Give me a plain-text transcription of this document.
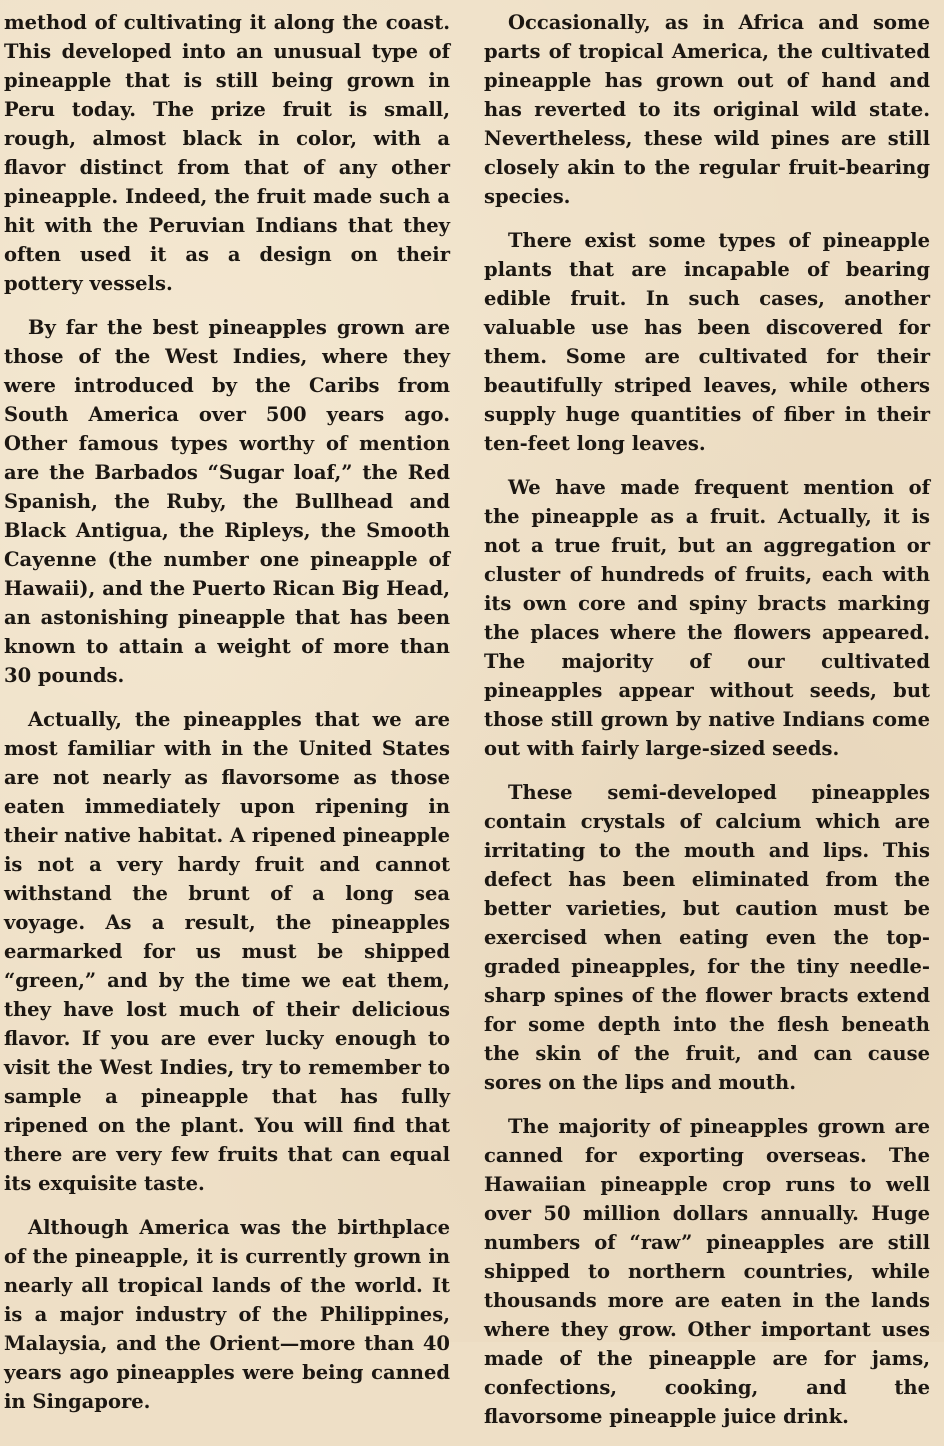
method of cultivating it along the coast. This developed into an unusual type of pineapple that is still being grown in Peru today. The prize fruit is small, rough, almost black in color, with a flavor distinct from that of any other pineapple. Indeed, the fruit made such a hit with the Peruvian Indians that they often used it as a design on their pottery vessels.

By far the best pineapples grown are those of the West Indies, where they were introduced by the Caribs from South America over 500 years ago. Other famous types worthy of mention are the Barbados “Sugar loaf,” the Red Spanish, the Ruby, the Bullhead and Black Antigua, the Ripleys, the Smooth Cayenne (the number one pineapple of Hawaii), and the Puerto Rican Big Head, an astonishing pineapple that has been known to attain a weight of more than 30 pounds.

Actually, the pineapples that we are most familiar with in the United States are not nearly as flavorsome as those eaten immediately upon ripening in their native habitat. A ripened pineapple is not a very hardy fruit and cannot withstand the brunt of a long sea voyage. As a result, the pineapples earmarked for us must be shipped “green,” and by the time we eat them, they have lost much of their delicious flavor. If you are ever lucky enough to visit the West Indies, try to remember to sample a pineapple that has fully ripened on the plant. You will find that there are very few fruits that can equal its exquisite taste.

Although America was the birthplace of the pineapple, it is currently grown in nearly all tropical lands of the world. It is a major industry of the Philippines, Malaysia, and the Orient—more than 40 years ago pineapples were being canned in Singapore.

Occasionally, as in Africa and some parts of tropical America, the cultivated pineapple has grown out of hand and has reverted to its original wild state. Nevertheless, these wild pines are still closely akin to the regular fruit-bearing species.

There exist some types of pineapple plants that are incapable of bearing edible fruit. In such cases, another valuable use has been discovered for them. Some are cultivated for their beautifully striped leaves, while others supply huge quantities of fiber in their ten-feet long leaves.

We have made frequent mention of the pineapple as a fruit. Actually, it is not a true fruit, but an aggregation or cluster of hundreds of fruits, each with its own core and spiny bracts marking the places where the flowers appeared. The majority of our cultivated pineapples appear without seeds, but those still grown by native Indians come out with fairly large-sized seeds.

These semi-developed pineapples contain crystals of calcium which are irritating to the mouth and lips. This defect has been eliminated from the better varieties, but caution must be exercised when eating even the top-graded pineapples, for the tiny needle-sharp spines of the flower bracts extend for some depth into the flesh beneath the skin of the fruit, and can cause sores on the lips and mouth.

The majority of pineapples grown are canned for exporting overseas. The Hawaiian pineapple crop runs to well over 50 million dollars annually. Huge numbers of “raw” pineapples are still shipped to northern countries, while thousands more are eaten in the lands where they grow. Other important uses made of the pineapple are for jams, confections, cooking, and the flavorsome pineapple juice drink.
